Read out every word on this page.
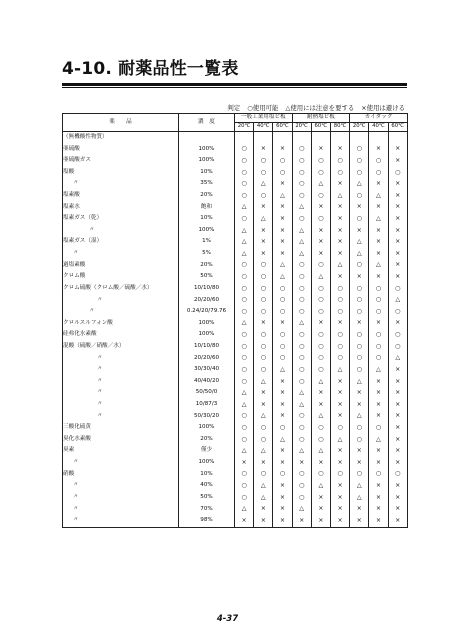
4-10. 耐薬品性一覧表
判定 ○使用可能 △使用には注意を要する ×使用は避ける
薬　　品	濃　度	一般工業用塩ビ板			耐熱塩ビ板			カイダック		
		20℃	40℃	60℃	20℃	60℃	80℃	20℃	40℃	60℃
（無機酸性物質）										
亜硫酸	100%	○	×	×	○	×	×	○	×	×
亜硫酸ガス	100%	○	○	○	○	○	○	○	○	×
塩酸	10%	○	○	○	○	○	○	○	○	○
〃	35%	○	△	×	○	△	×	△	×	×
塩素酸	20%	○	○	△	○	○	△	○	△	×
塩素水	飽和	△	×	×	△	×	×	×	×	×
塩素ガス（乾）	10%	○	△	×	○	○	×	○	△	×
〃	100%	△	×	×	△	×	×	×	×	×
塩素ガス（湿）	1%	△	×	×	△	×	×	△	×	×
〃	5%	△	×	×	△	×	×	△	×	×
過塩素酸	20%	○	○	△	○	○	△	○	△	×
クロム酸	50%	○	○	△	○	△	×	×	×	×
クロム硫酸（クロム酸／硫酸／水）	10/10/80	○	○	○	○	○	○	○	○	○
〃	20/20/60	○	○	○	○	○	○	○	○	△
〃	0.24/20/79.76	○	○	○	○	○	○	○	○	○
クロルスルフォン酸	100%	△	×	×	△	×	×	×	×	×
硅弗化水素酸	100%	○	○	○	○	○	○	○	○	○
混酸（硫酸／硝酸／水）	10/10/80	○	○	○	○	○	○	○	○	○
〃	20/20/60	○	○	○	○	○	○	○	○	△
〃	30/30/40	○	○	△	○	○	△	○	△	×
〃	40/40/20	○	△	×	○	△	×	△	×	×
〃	50/50/0	△	×	×	△	×	×	×	×	×
〃	10/87/3	△	×	×	△	×	×	×	×	×
〃	50/30/20	○	△	×	○	△	×	△	×	×
三酸化硫黄	100%	○	○	○	○	○	○	○	○	×
臭化水素酸	20%	○	○	△	○	○	△	○	△	×
臭素	僅少	△	△	×	△	△	×	×	×	×
〃	100%	×	×	×	×	×	×	×	×	×
硝酸	10%	○	○	○	○	○	○	○	○	○
〃	40%	○	△	×	○	△	×	△	×	×
〃	50%	○	△	×	○	×	×	△	×	×
〃	70%	△	×	×	△	×	×	×	×	×
〃	98%	×	×	×	×	×	×	×	×	×
4-37
